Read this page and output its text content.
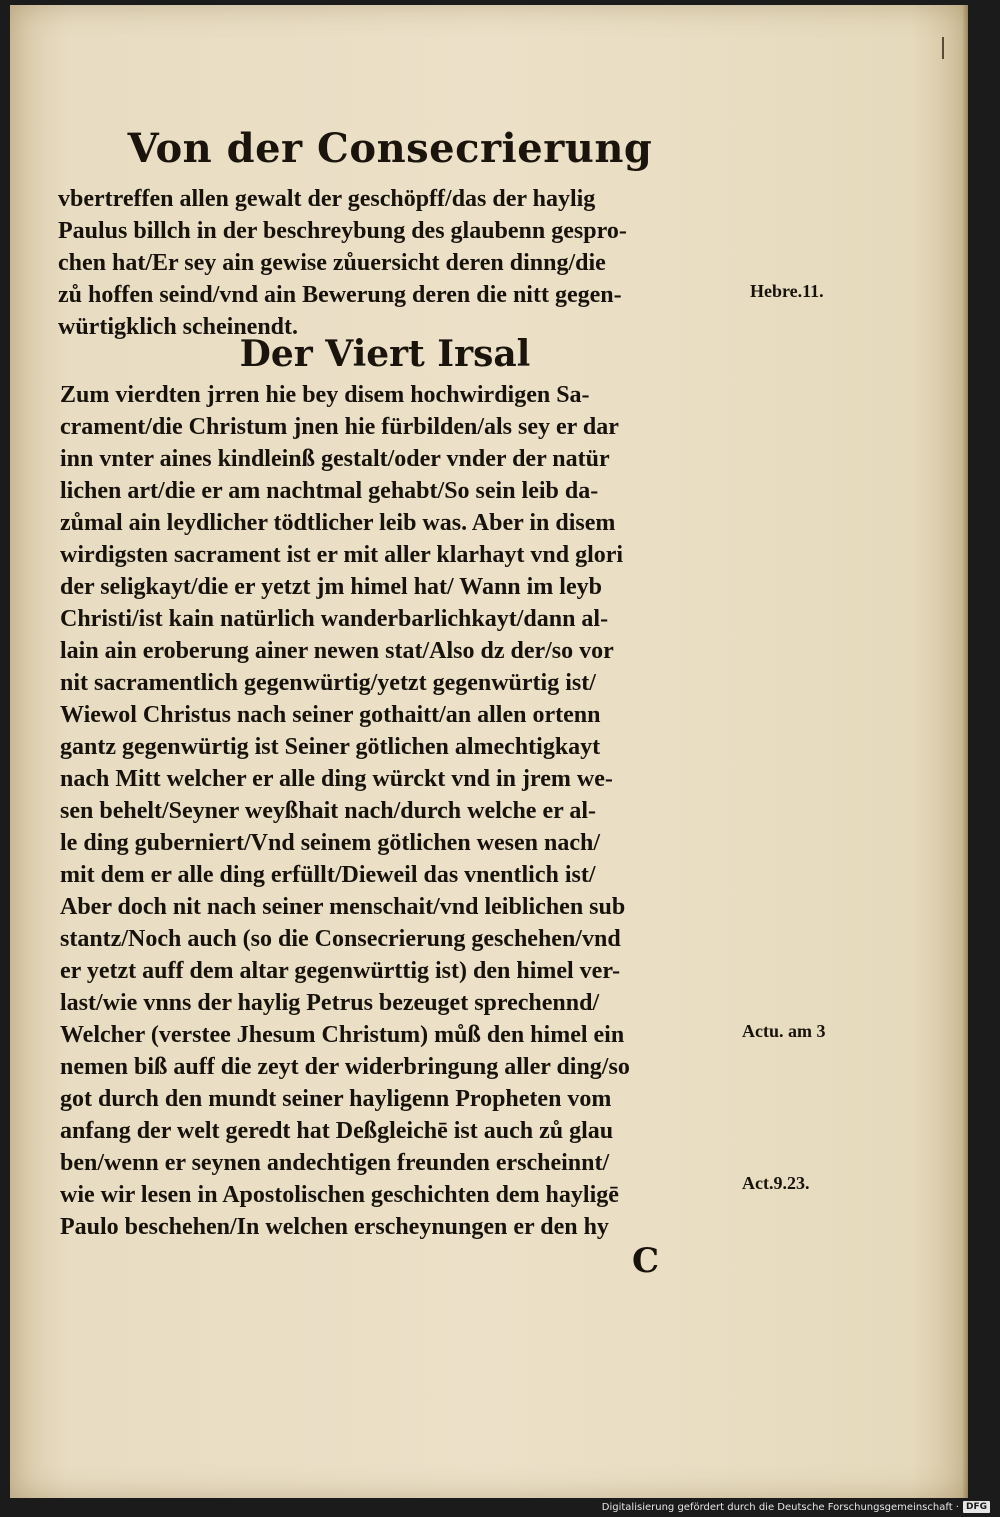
Von der Consecrierung
vbertreffen allen gewalt der geschöpff/das der haylig
Paulus billch in der beschreybung des glaubenn gespro-
chen hat/Er sey ain gewise zůuersicht deren dinng/die
zů hoffen seind/vnd ain Bewerung deren die nitt gegen-
würtigklich scheinendt.
Der Viert Irsal
Zum vierdten jrren hie bey disem hochwirdigen Sa-
crament/die Christum jnen hie fürbilden/als sey er dar
inn vnter aines kindleinß gestalt/oder vnder der natür
lichen art/die er am nachtmal gehabt/So sein leib da-
zůmal ain leydlicher tödtlicher leib was. Aber in disem
wirdigsten sacrament ist er mit aller klarhayt vnd glori
der seligkayt/die er yetzt jm himel hat/ Wann im leyb
Christi/ist kain natürlich wanderbarlichkayt/dann al-
lain ain eroberung ainer newen stat/Also dz der/so vor
nit sacramentlich gegenwürtig/yetzt gegenwürtig ist/
Wiewol Christus nach seiner gothaitt/an allen ortenn
gantz gegenwürtig ist Seiner götlichen almechtigkayt
nach Mitt welcher er alle ding würckt vnd in jrem we-
sen behelt/Seyner weyßhait nach/durch welche er al-
le ding guberniert/Vnd seinem götlichen wesen nach/
mit dem er alle ding erfüllt/Dieweil das vnentlich ist/
Aber doch nit nach seiner menschait/vnd leiblichen sub
stantz/Noch auch (so die Consecrierung geschehen/vnd
er yetzt auff dem altar gegenwürttig ist) den himel ver-
last/wie vnns der haylig Petrus bezeuget sprechennd/
Welcher (verstee Jhesum Christum) můß den himel ein
nemen biß auff die zeyt der widerbringung aller ding/so
got durch den mundt seiner hayligenn Propheten vom
anfang der welt geredt hat Deßgleichē ist auch zů glau
ben/wenn er seynen andechtigen freunden erscheinnt/
wie wir lesen in Apostolischen geschichten dem hayligē
Paulo beschehen/In welchen erscheynungen er den hy
Hebre.11.
Actu. am 3
Act.9.23.
C
Digitalisierung gefördert durch die Deutsche Forschungsgemeinschaft · DFG
